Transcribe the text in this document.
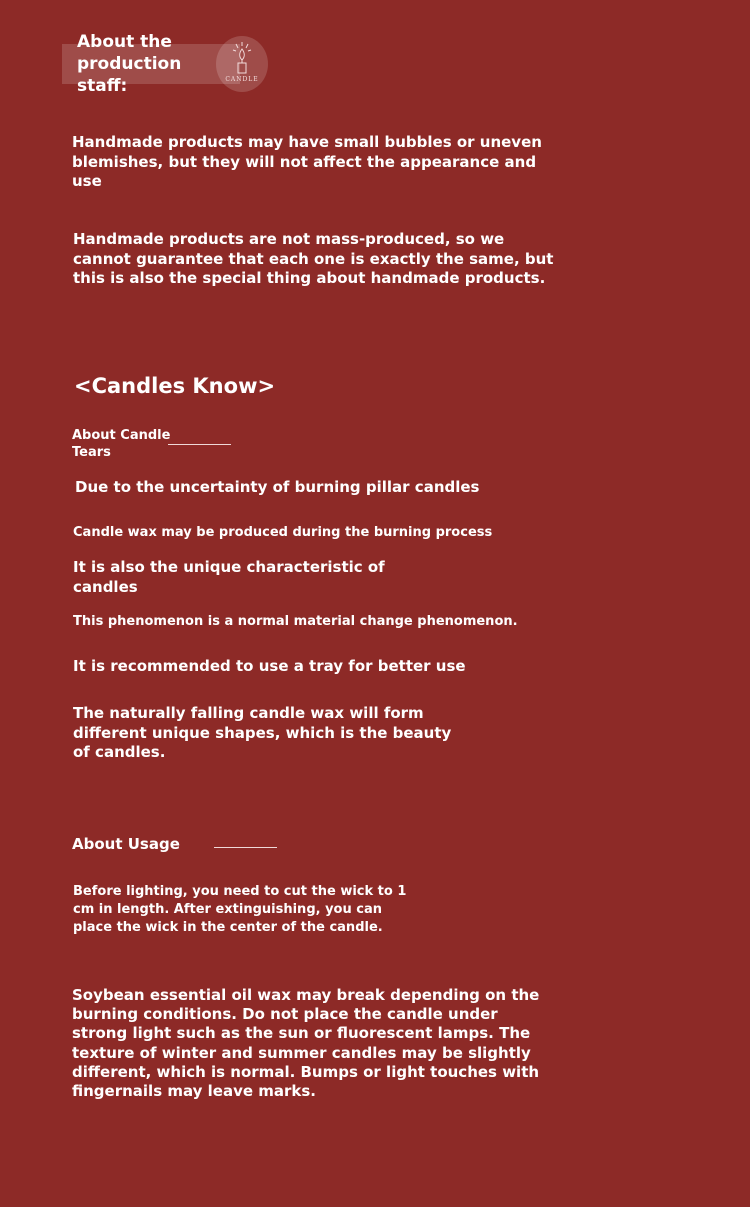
About the production staff:	CANDLE
Handmade products may have small bubbles or uneven blemishes, but they will not affect the appearance and use
Handmade products are not mass-produced, so we cannot guarantee that each one is exactly the same, but this is also the special thing about handmade products.
<Candles Know>
About Candle Tears
Due to the uncertainty of burning pillar candles
Candle wax may be produced during the burning process
It is also the unique characteristic of candles
This phenomenon is a normal material change phenomenon.
It is recommended to use a tray for better use
The naturally falling candle wax will form different unique shapes, which is the beauty of candles.
About Usage
Before lighting, you need to cut the wick to 1 cm in length. After extinguishing, you can place the wick in the center of the candle.
Soybean essential oil wax may break depending on the burning conditions. Do not place the candle under strong light such as the sun or fluorescent lamps. The texture of winter and summer candles may be slightly different, which is normal. Bumps or light touches with fingernails may leave marks.
